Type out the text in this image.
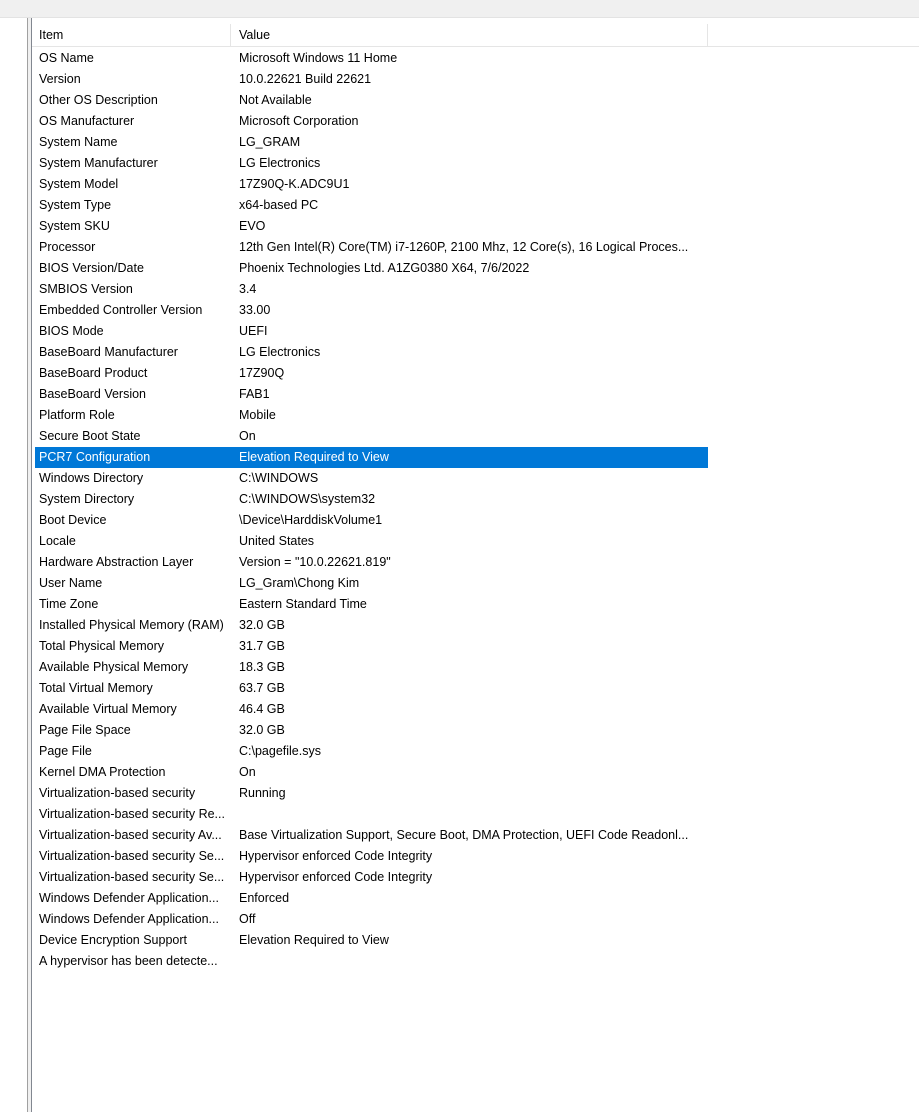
Item	Value
OS Name	Microsoft Windows 11 Home
Version	10.0.22621 Build 22621
Other OS Description	Not Available
OS Manufacturer	Microsoft Corporation
System Name	LG_GRAM
System Manufacturer	LG Electronics
System Model	17Z90Q-K.ADC9U1
System Type	x64-based PC
System SKU	EVO
Processor	12th Gen Intel(R) Core(TM) i7-1260P, 2100 Mhz, 12 Core(s), 16 Logical Proces...
BIOS Version/Date	Phoenix Technologies Ltd. A1ZG0380 X64, 7/6/2022
SMBIOS Version	3.4
Embedded Controller Version	33.00
BIOS Mode	UEFI
BaseBoard Manufacturer	LG Electronics
BaseBoard Product	17Z90Q
BaseBoard Version	FAB1
Platform Role	Mobile
Secure Boot State	On
PCR7 Configuration	Elevation Required to View
Windows Directory	C:\WINDOWS
System Directory	C:\WINDOWS\system32
Boot Device	\Device\HarddiskVolume1
Locale	United States
Hardware Abstraction Layer	Version = "10.0.22621.819"
User Name	LG_Gram\Chong Kim
Time Zone	Eastern Standard Time
Installed Physical Memory (RAM)	32.0 GB
Total Physical Memory	31.7 GB
Available Physical Memory	18.3 GB
Total Virtual Memory	63.7 GB
Available Virtual Memory	46.4 GB
Page File Space	32.0 GB
Page File	C:\pagefile.sys
Kernel DMA Protection	On
Virtualization-based security	Running
Virtualization-based security Re...
Virtualization-based security Av...	Base Virtualization Support, Secure Boot, DMA Protection, UEFI Code Readonl...
Virtualization-based security Se...	Hypervisor enforced Code Integrity
Virtualization-based security Se...	Hypervisor enforced Code Integrity
Windows Defender Application...	Enforced
Windows Defender Application...	Off
Device Encryption Support	Elevation Required to View
A hypervisor has been detecte...
